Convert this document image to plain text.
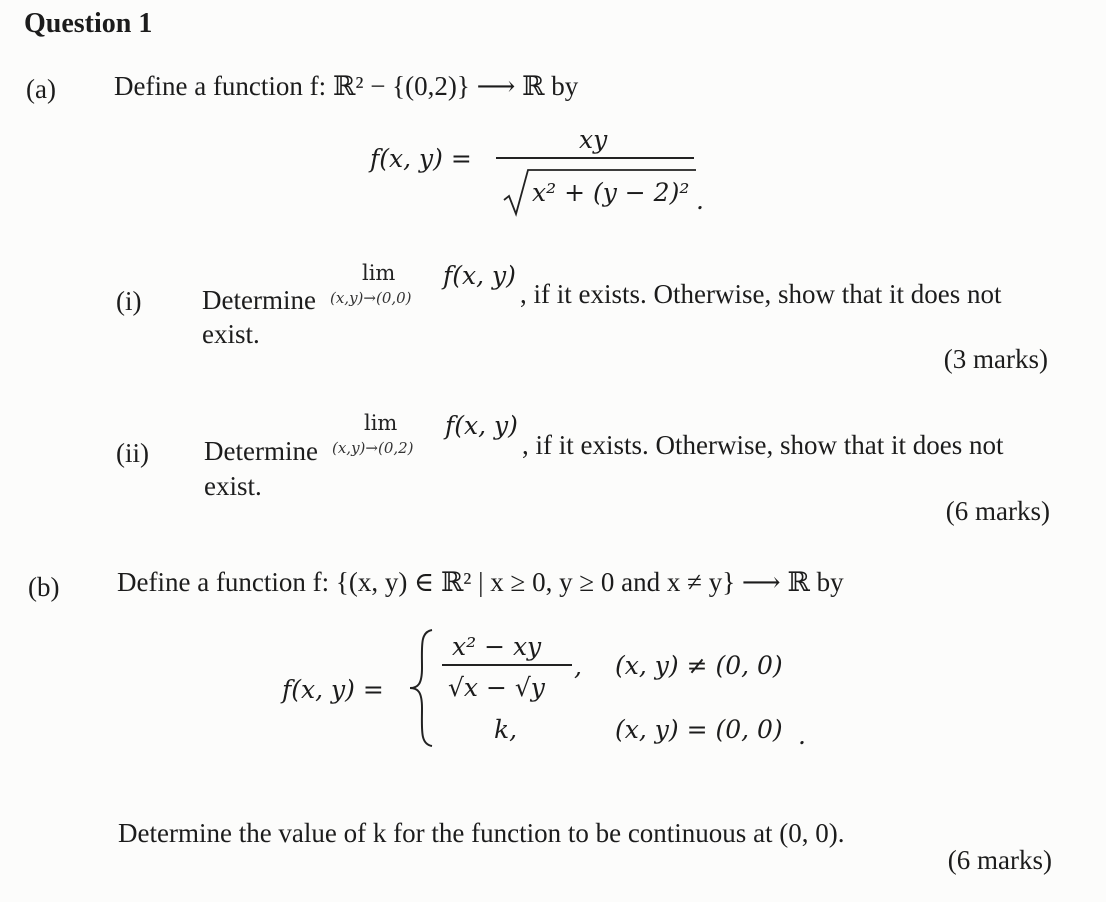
Question 1
(a) Define a function f: ℝ² − {(0,2)} ⟶ ℝ by
f(x, y) =
xy
x² + (y − 2)² .
(i) Determine
lim
(x,y)→(0,0)
f(x, y)
, if it exists. Otherwise, show that it does not
exist.
(3 marks)
(ii) Determine
lim
(x,y)→(0,2)
f(x, y)
, if it exists. Otherwise, show that it does not
exist.
(6 marks)
(b) Define a function f: {(x, y) ∈ ℝ² | x ≥ 0, y ≥ 0 and x ≠ y} ⟶ ℝ by
f(x, y) =
x² − xy
√x − √y
, (x, y) ≠ (0, 0)
k,	(x, y) = (0, 0) .
Determine the value of k for the function to be continuous at (0, 0).
(6 marks)
